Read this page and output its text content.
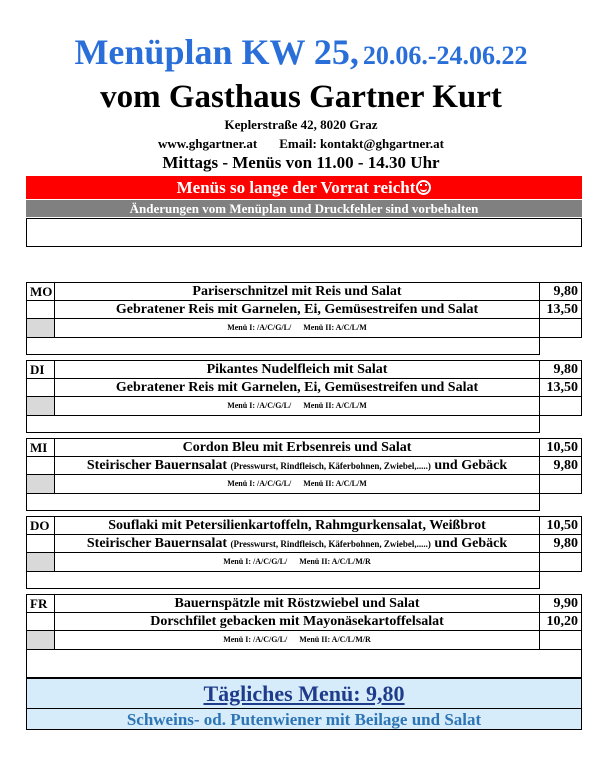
Menüplan KW 25, 20.06.-24.06.22
vom Gasthaus Gartner Kurt
Keplerstraße 42, 8020 Graz
www.ghgartner.at Email: kontakt@ghgartner.at
Mittags - Menüs von 11.00 - 14.30 Uhr
Menüs so lange der Vorrat reicht
Änderungen vom Menüplan und Druckfehler sind vorbehalten
MO	Pariserschnitzel mit Reis und Salat	9,80
Gebratener Reis mit Garnelen, Ei, Gemüsestreifen und Salat	13,50
Menü I: /A/C/G/L/ Menü II: A/C/L/M
DI	Pikantes Nudelfleich mit Salat	9,80
Gebratener Reis mit Garnelen, Ei, Gemüsestreifen und Salat	13,50
Menü I: /A/C/G/L/ Menü II: A/C/L/M
MI	Cordon Bleu mit Erbsenreis und Salat	10,50
Steirischer Bauernsalat (Presswurst, Rindfleisch, Käferbohnen, Zwiebel,.....) und Gebäck	9,80
Menü I: /A/C/G/L/ Menü II: A/C/L/M
DO	Souflaki mit Petersilienkartoffeln, Rahmgurkensalat, Weißbrot	10,50
Steirischer Bauernsalat (Presswurst, Rindfleisch, Käferbohnen, Zwiebel,.....) und Gebäck	9,80
Menü I: /A/C/G/L/ Menü II: A/C/L/M/R
FR	Bauernspätzle mit Röstzwiebel und Salat	9,90
Dorschfilet gebacken mit Mayonäsekartoffelsalat	10,20
Menü I: /A/C/G/L/ Menü II: A/C/L/M/R
Tägliches Menü: 9,80
Schweins- od. Putenwiener mit Beilage und Salat
